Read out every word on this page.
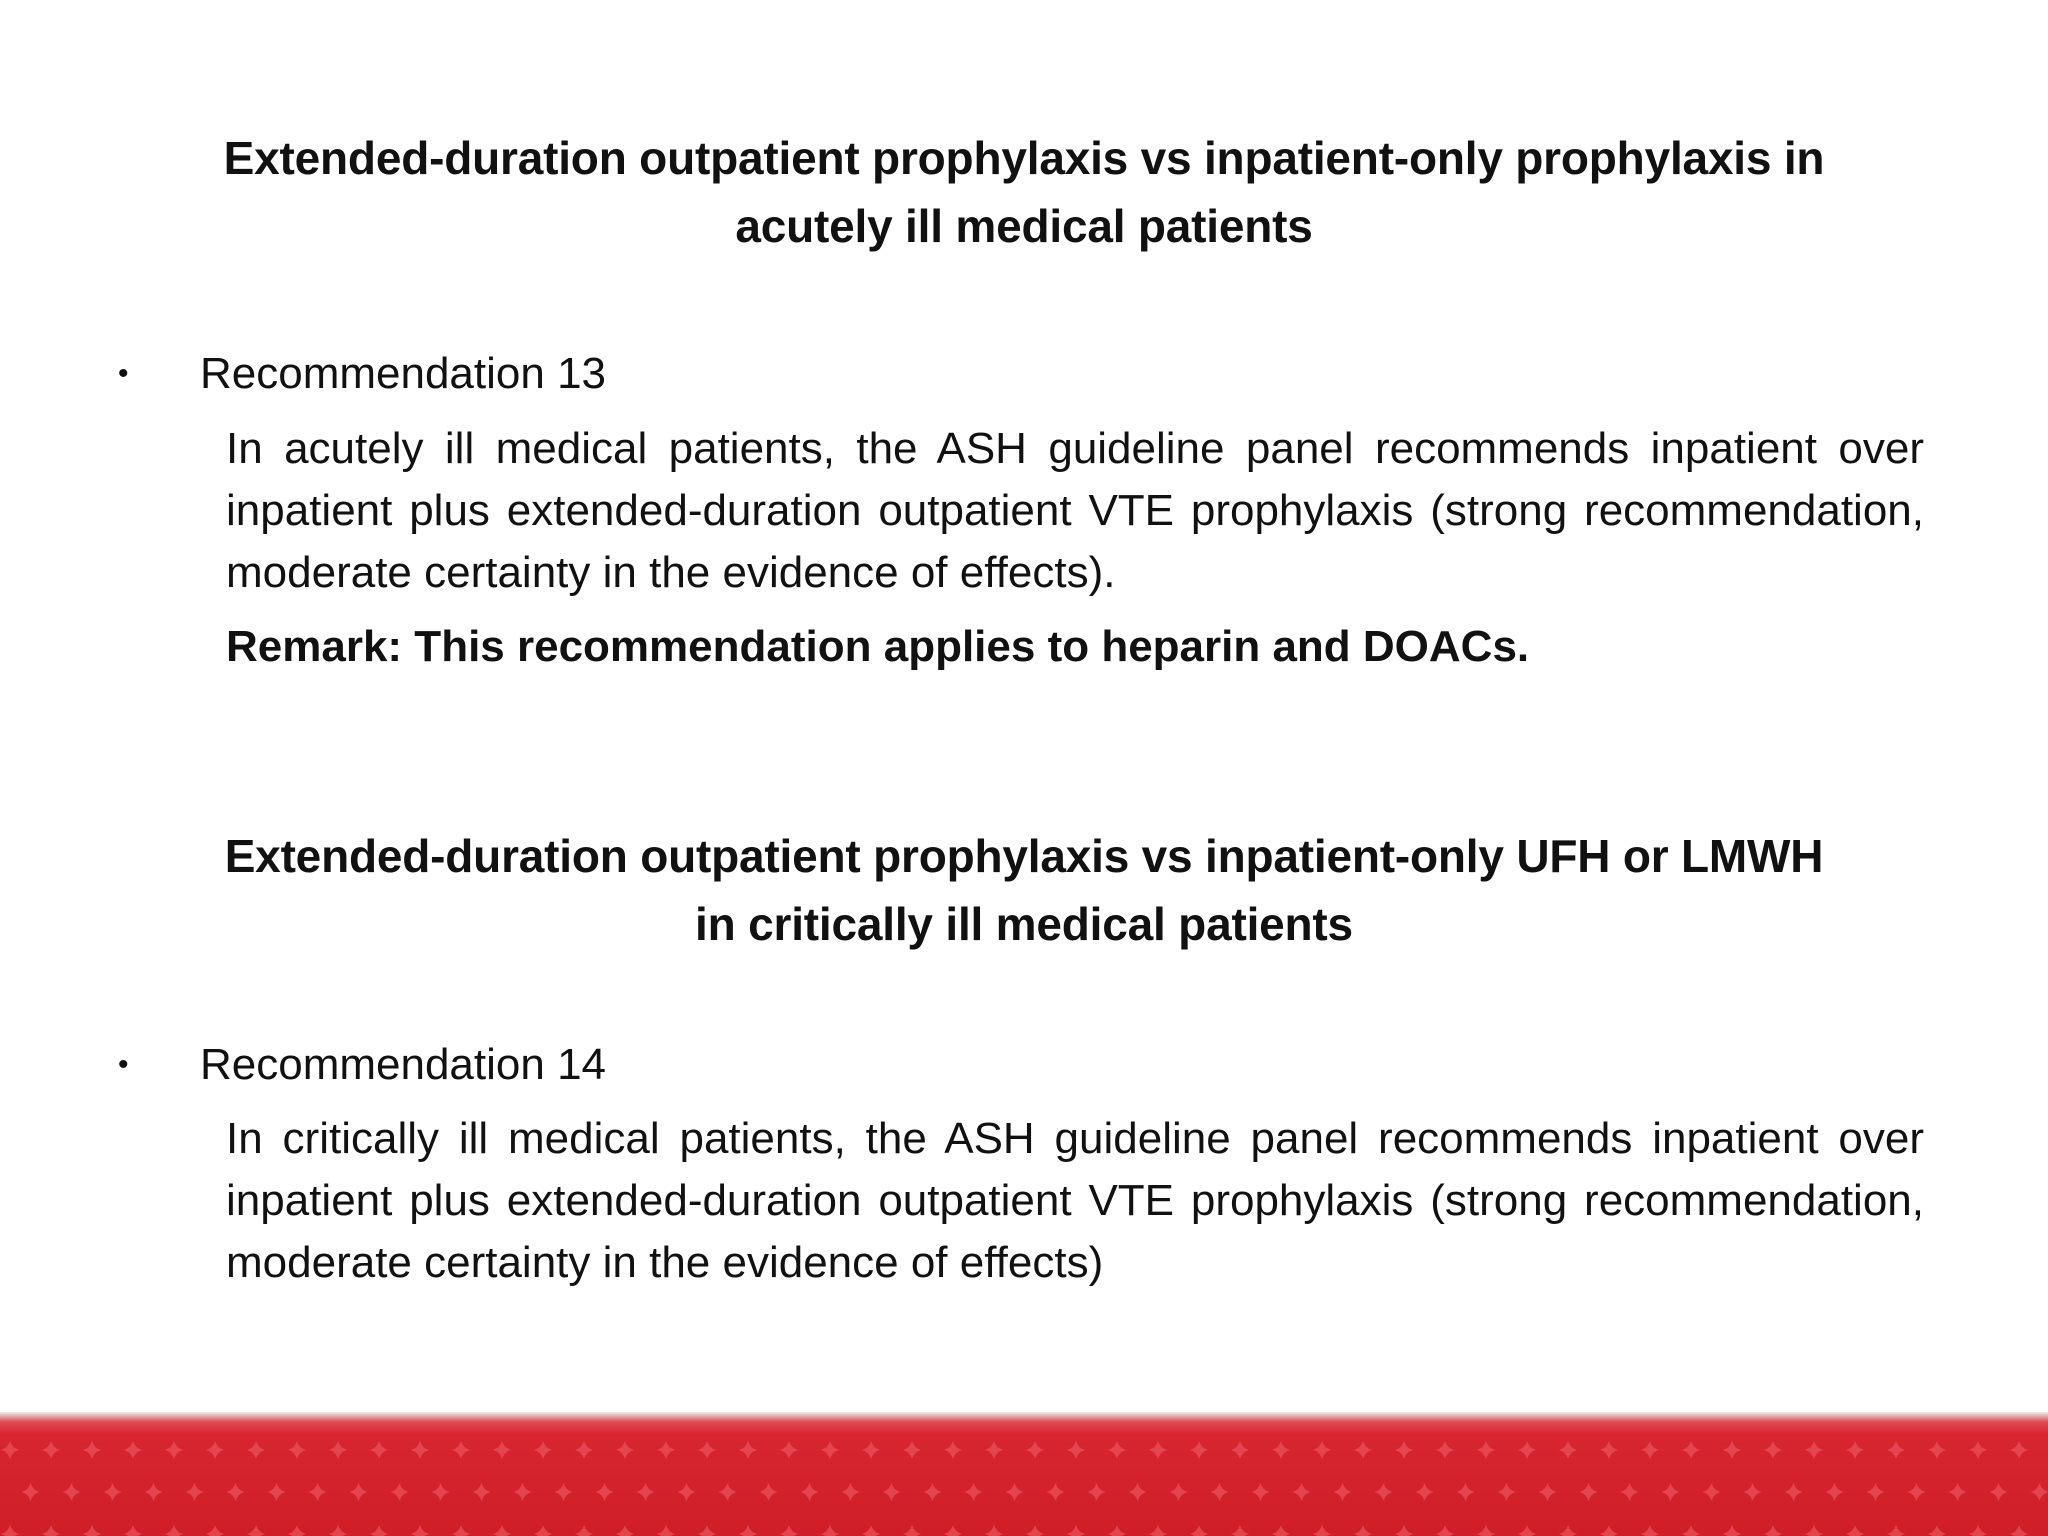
Extended-duration outpatient prophylaxis vs inpatient-only prophylaxis in
acutely ill medical patients
• Recommendation 13
In acutely ill medical patients, the ASH guideline panel recommends inpatient over inpatient plus extended-duration outpatient VTE prophylaxis (strong recommendation, moderate certainty in the evidence of effects).
Remark: This recommendation applies to heparin and DOACs.
Extended-duration outpatient prophylaxis vs inpatient-only UFH or LMWH
in critically ill medical patients
• Recommendation 14
In critically ill medical patients, the ASH guideline panel recommends inpatient over inpatient plus extended-duration outpatient VTE prophylaxis (strong recommendation, moderate certainty in the evidence of effects)
